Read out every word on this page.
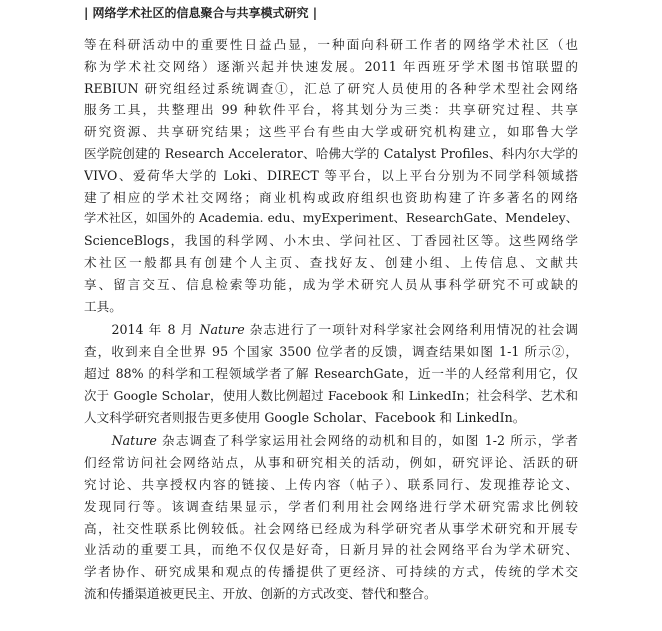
| 网络学术社区的信息聚合与共享模式研究 |
等在科研活动中的重要性日益凸显，一种面向科研工作者的网络学术社区（也
称为学术社交网络）逐渐兴起并快速发展。2011 年西班牙学术图书馆联盟的
REBIUN 研究组经过系统调查①，汇总了研究人员使用的各种学术型社会网络
服务工具，共整理出 99 种软件平台，将其划分为三类：共享研究过程、共享
研究资源、共享研究结果；这些平台有些由大学或研究机构建立，如耶鲁大学
医学院创建的 Research Accelerator、哈佛大学的 Catalyst Profiles、科内尔大学的
VIVO、爱荷华大学的 Loki、DIRECT 等平台，以上平台分别为不同学科领域搭
建了相应的学术社交网络；商业机构或政府组织也资助构建了许多著名的网络
学术社区，如国外的 Academia. edu、myExperiment、ResearchGate、Mendeley、
ScienceBlogs，我国的科学网、小木虫、学问社区、丁香园社区等。这些网络学
术社区一般都具有创建个人主页、查找好友、创建小组、上传信息、文献共
享、留言交互、信息检索等功能，成为学术研究人员从事科学研究不可或缺的
工具。
　　2014 年 8 月 Nature 杂志进行了一项针对科学家社会网络利用情况的社会调
查，收到来自全世界 95 个国家 3500 位学者的反馈，调查结果如图 1-1 所示②，
超过 88% 的科学和工程领域学者了解 ResearchGate，近一半的人经常利用它，仅
次于 Google Scholar，使用人数比例超过 Facebook 和 LinkedIn；社会科学、艺术和
人文科学研究者则报告更多使用 Google Scholar、Facebook 和 LinkedIn。
　　Nature 杂志调查了科学家运用社会网络的动机和目的，如图 1-2 所示，学者
们经常访问社会网络站点，从事和研究相关的活动，例如，研究评论、活跃的研
究讨论、共享授权内容的链接、上传内容（帖子）、联系同行、发现推荐论文、
发现同行等。该调查结果显示，学者们利用社会网络进行学术研究需求比例较
高，社交性联系比例较低。社会网络已经成为科学研究者从事学术研究和开展专
业活动的重要工具，而绝不仅仅是好奇，日新月异的社会网络平台为学术研究、
学者协作、研究成果和观点的传播提供了更经济、可持续的方式，传统的学术交
流和传播渠道被更民主、开放、创新的方式改变、替代和整合。
